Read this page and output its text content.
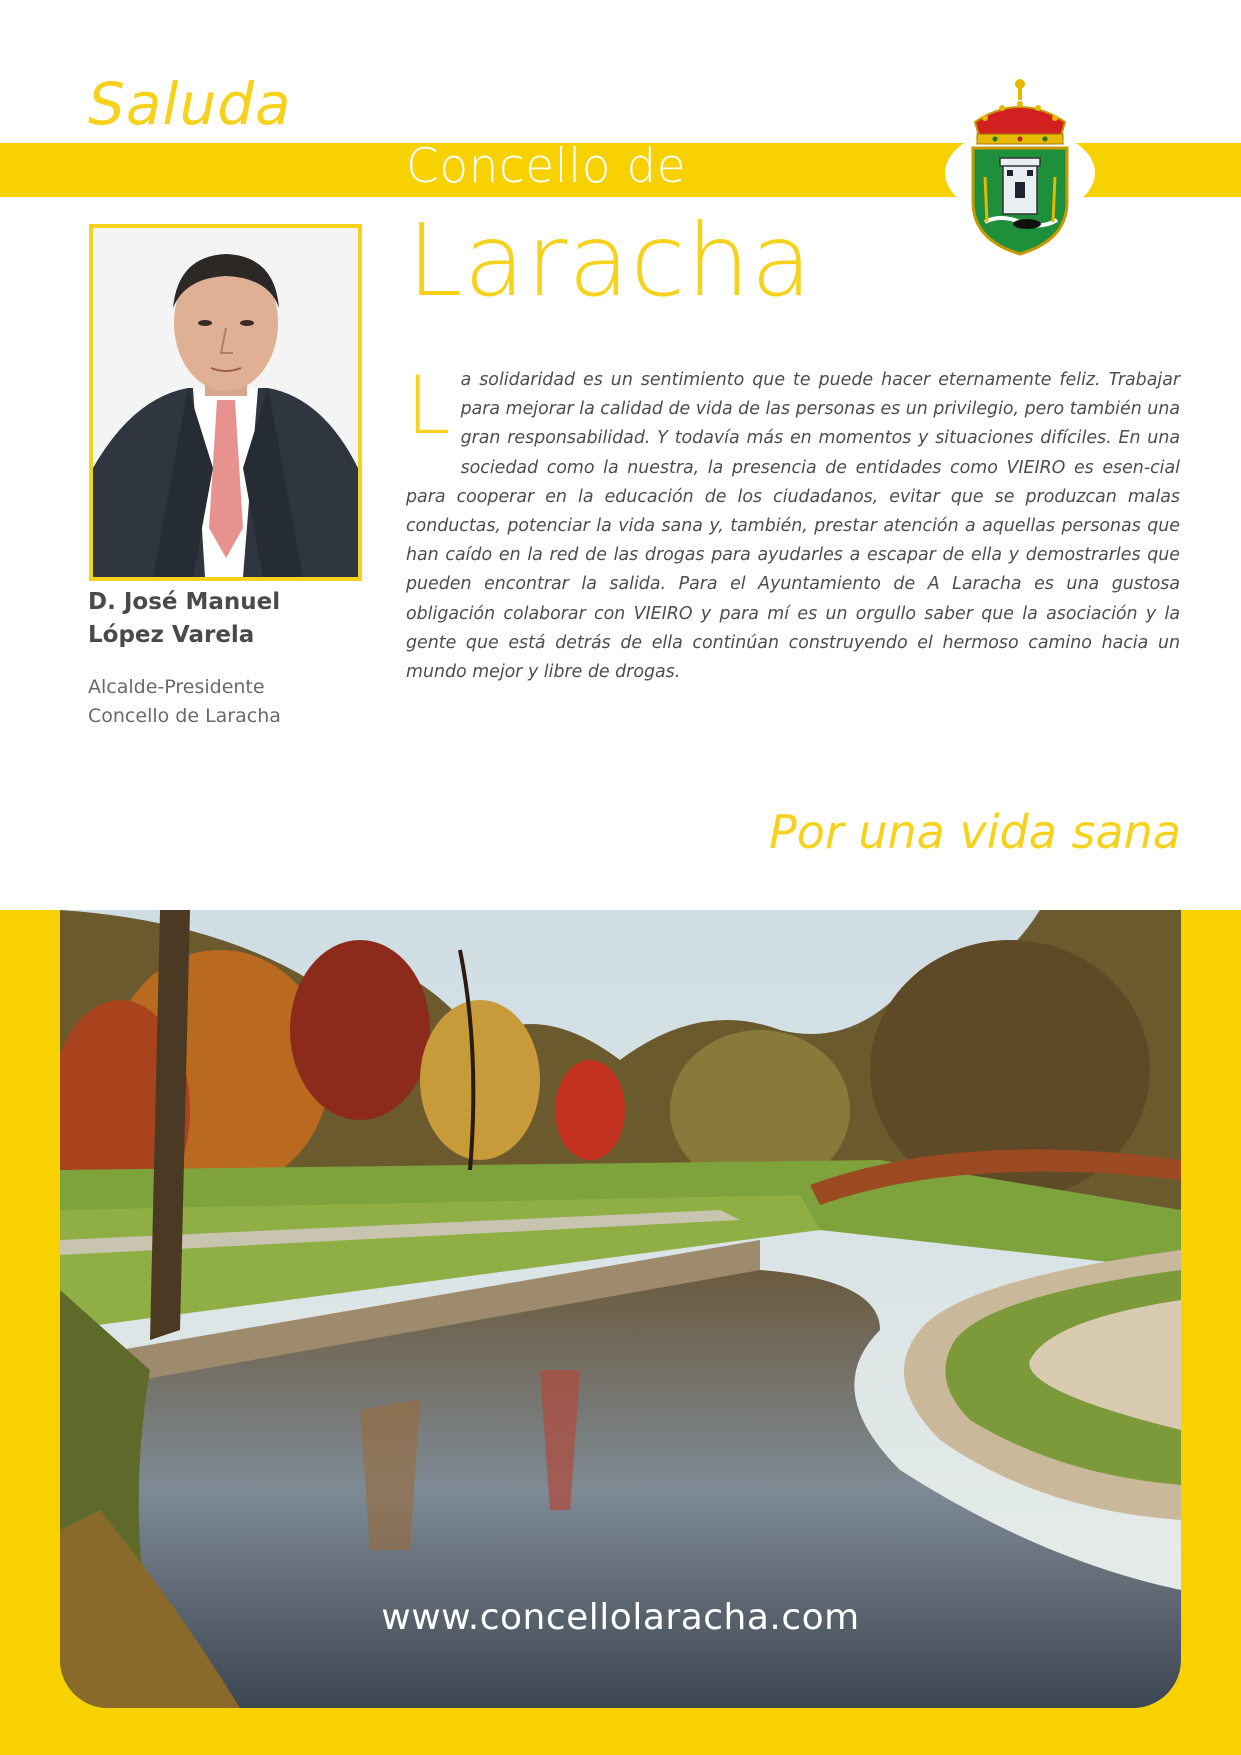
Saluda
Concello de
Laracha
D. José Manuel
López Varela
Alcalde-Presidente
Concello de Laracha

La solidaridad es un sentimiento que te puede hacer eternamente feliz. Trabajar para mejorar la calidad de vida de las personas es un privilegio, pero también una gran responsabilidad. Y todavía más en momentos y situaciones difíciles. En una sociedad como la nuestra, la presencia de entidades como VIEIRO es esen-cial para cooperar en la educación de los ciudadanos, evitar que se produzcan malas conductas, potenciar la vida sana y, también, prestar atención a aquellas personas que han caído en la red de las drogas para ayudarles a escapar de ella y demostrarles que pueden encontrar la salida. Para el Ayuntamiento de A Laracha es una gustosa obligación colaborar con VIEIRO y para mí es un orgullo saber que la asociación y la gente que está detrás de ella continúan construyendo el hermoso camino hacia un mundo mejor y libre de drogas.

Por una vida sana
www.concellolaracha.com
